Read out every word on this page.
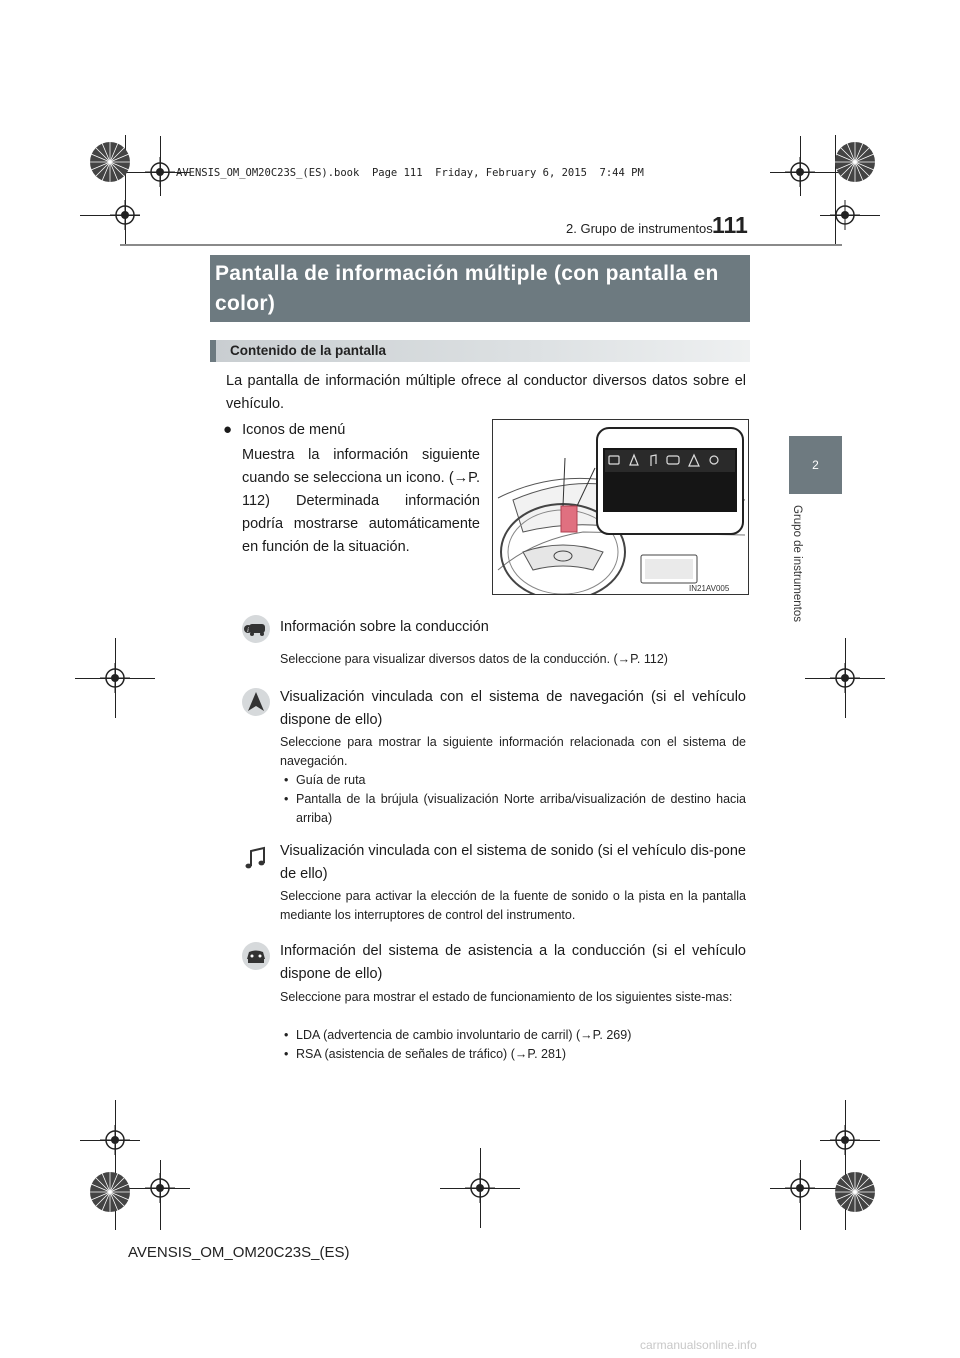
AVENSIS_OM_OM20C23S_(ES).book  Page 111  Friday, February 6, 2015  7:44 PM
2. Grupo de instrumentos 111
2
Grupo de instrumentos
Pantalla de información múltiple (con pantalla en color)
Contenido de la pantalla
La pantalla de información múltiple ofrece al conductor diversos datos sobre el vehículo.
● Iconos de menú
Muestra la información siguiente cuando se selecciona un icono. (→P. 112) Determinada información podría mostrarse automáticamente en función de la situación.
IN21AV005
i Información sobre la conducción
Seleccione para visualizar diversos datos de la conducción. (→P. 112)
Visualización vinculada con el sistema de navegación (si el vehículo dispone de ello)
Seleccione para mostrar la siguiente información relacionada con el sistema de navegación.
• Guía de ruta
• Pantalla de la brújula (visualización Norte arriba/visualización de destino hacia arriba)
Visualización vinculada con el sistema de sonido (si el vehículo dis-pone de ello)
Seleccione para activar la elección de la fuente de sonido o la pista en la pantalla mediante los interruptores de control del instrumento.
Información del sistema de asistencia a la conducción (si el vehículo dispone de ello)
Seleccione para mostrar el estado de funcionamiento de los siguientes siste-mas:
• LDA (advertencia de cambio involuntario de carril) (→P. 269)
• RSA (asistencia de señales de tráfico) (→P. 281)
AVENSIS_OM_OM20C23S_(ES)
carmanualsonline.info
